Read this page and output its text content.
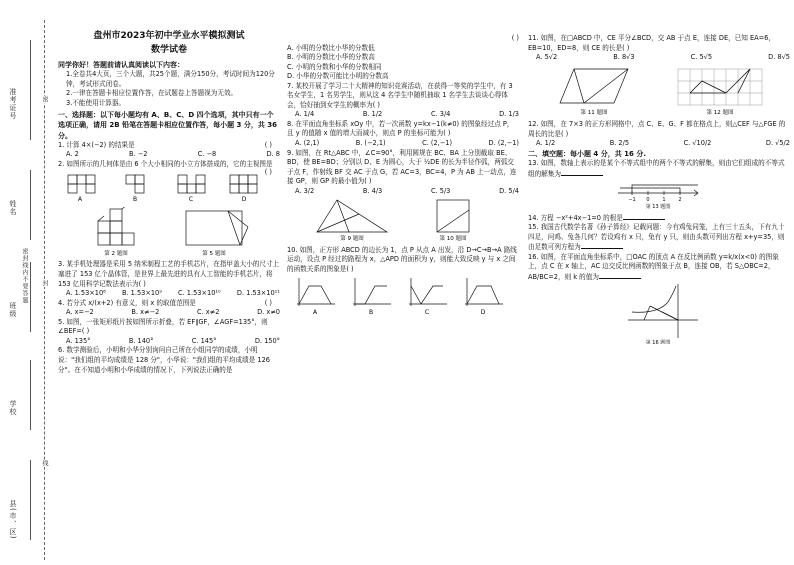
准考证号
姓名
班级
密封线内不要答题
学校
县(市、区)
密
封
线

盘州市2023年初中学业水平模拟测试

数学试卷

同学你好！答题前请认真阅读以下内容：

1.全卷共4大页，三个大题，共25个题，满分150分，考试时间为120分钟，考试形式闭卷。

2.一律在答题卡相应位置作答，在试题卷上答题视为无效。

3.不能使用计算器。

一、选择题：以下每小题均有 A、B、C、D 四个选项，其中只有一个选项正确，请用 2B 铅笔在答题卡相应位置作答，每小题 3 分，共 36 分。

1. 计算 4×(−2) 的结果是	( )

A. 2	B. −2	C. −8	D. 8

2. 如图所示的几何体是由 6 个大小相同的小立方体搭成的，它的主视图是
( )

A	B	C	D

第 2 题图	第 5 题图

3. 某手机处理器是采用 5 纳米制程工艺的手机芯片，在指甲盖大小的尺寸上塞进了 153 亿个晶体管，是世界上最先进的具有人工智能的手机芯片，将 153 亿用科学记数法表示为( )

A. 1.53×10⁸ B. 1.53×10⁹ C. 1.53×10¹⁰ D. 1.53×10¹¹

4. 若分式 x/(x+2) 有意义，则 x 的取值范围是	( )

A. x=−2	B. x≠−2	C. x≠2	D. x≠0

5. 如图，一张矩形纸片按如图所示折叠，若 EF∥GF，∠AGF=135°，则∠BEF=( )

A. 135°	B. 140°	C. 145°	D. 150°

6. 数学测验后，小明和小华分别询问自己所在小组同学的成绩，小明说："我们组的平均成绩是 128 分"，小华说："我们组的平均成绩是 126 分"。在不知道小明和小华成绩的情况下，下列说法正确的是

( )

A. 小明的分数比小华的分数低

B. 小明的分数比小华的分数高

C. 小明的分数和小华的分数相同

D. 小华的分数可能比小明的分数高

7. 某校开展了学习二十大精神的知识竞赛活动，在获得一等奖的学生中，有 3 名女学生，1 名男学生，则从这 4 名学生中随机抽取 1 名学生去谈谈心得体会，恰好抽到女学生的概率为( )

A. 1/4	B. 1/2	C. 3/4	D. 1/3

8. 在平面直角坐标系 xOy 中，若一次函数 y=kx−1(k≠0) 的图象经过点 P，且 y 的值随 x 值的增大而减小，则点 P 的坐标可能为( )

A. (2,1)	B. (−2,1)	C. (2,−1)	D. (2,−1)

9. 如图，在 Rt△ABC 中，∠C=90°，利用圆规在 BC、BA 上分别截取 BE、BD，使 BE=BD；分别以 D、E 为圆心，大于 ½DE 的长为半径作弧，两弧交于点 F，作射线 BF 交 AC 于点 G，若 AC=3，BC=4，P 为 AB 上一动点，连接 GP，则 GP 的最小值为( )

A. 3/2	B. 4/3	C. 5/3	D. 5/4
第 9 题图	第 10 题图

10. 如图，正方形 ABCD 的边长为 1，点 P 从点 A 出发，沿 D→C→B→A 路线运动，设点 P 经过的路程为 x，△APD 的面积为 y，则能大致反映 y 与 x 之间的函数关系的图象是( )

A	B	C	D

11. 如图，在□ABCD 中，CE 平分∠BCD，交 AB 于点 E，连接 DE，已知 EA=6，EB=10，ED=8，则 CE 的长是( )

A. 5√2	B. 8√3	C. 5√5	D. 8√5
第 11 题图	第 12 题图

12. 如图，在 7×3 的正方形网格中，点 C、E、G、F 都在格点上，则△CEF 与△FGE 的周长的比是( )

A. 1/2	B. 2/5	C. √10/2	D. √5/2

二、填空题：每小题 4 分，共 16 分.

13. 如图，数轴上表示的是某个不等式组中的两个不等式的解集，则由它们组成的不等式组的解集为

−1 0	1	2
第 13 题图

14. 方程 −x²+4x−1=0 的根是

15. 我国古代数学名著《孙子算经》记载问题：今有鸡兔同笼，上有三十五头，下有九十四足，问鸡、兔各几何？若设鸡有 x 只，兔有 y 只，则由头数可列出方程 x+y=35，则由足数可列方程为

16. 如图，在平面直角坐标系中，□OAC 的顶点 A 在反比例函数 y=k/x(x<0) 的图象上，点 C 在 x 轴上，AC 边交反比例函数的图象于点 B，连接 OB，若 S△OBC=2，AB/BC=2，则 k 的值为

第 16 题图
